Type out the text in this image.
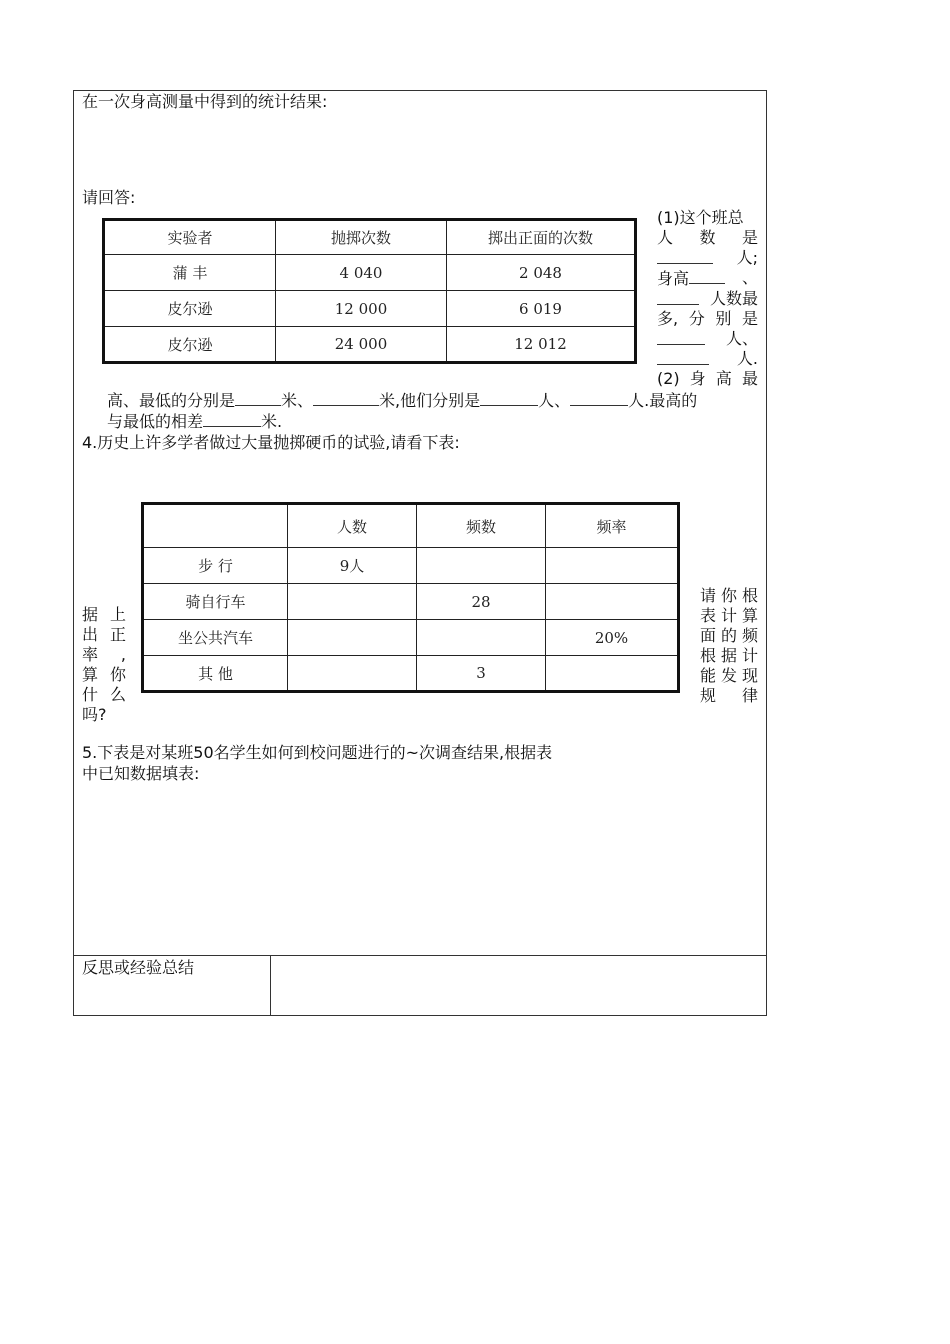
在一次身高测量中得到的统计结果:
请回答:
实验者	抛掷次数	掷出正面的次数
蒲 丰	4 040	2 048
皮尔逊	12 000	6 019
皮尔逊	24 000	12 012
(1)这个班总
人 数 是
人;
身高	、
人数最
多, 分 别 是
人、
人.
(2) 身 高 最
高、最低的分别是	米、	米,他们分别是	人、	人.最高的
与最低的相差	米.
4.历史上许多学者做过大量抛掷硬币的试验,请看下表:
	人数	频数	频率
步 行	9人		
骑自行车		28	
坐公共汽车			20%
其 他		3	
据 上
出 正
率 ,
算 你
什 么
吗?
请 你 根
表 计 算
面 的 频
根 据 计
能 发 现
规 律
5.下表是对某班50名学生如何到校问题进行的~次调查结果,根据表
中已知数据填表:
反思或经验总结
